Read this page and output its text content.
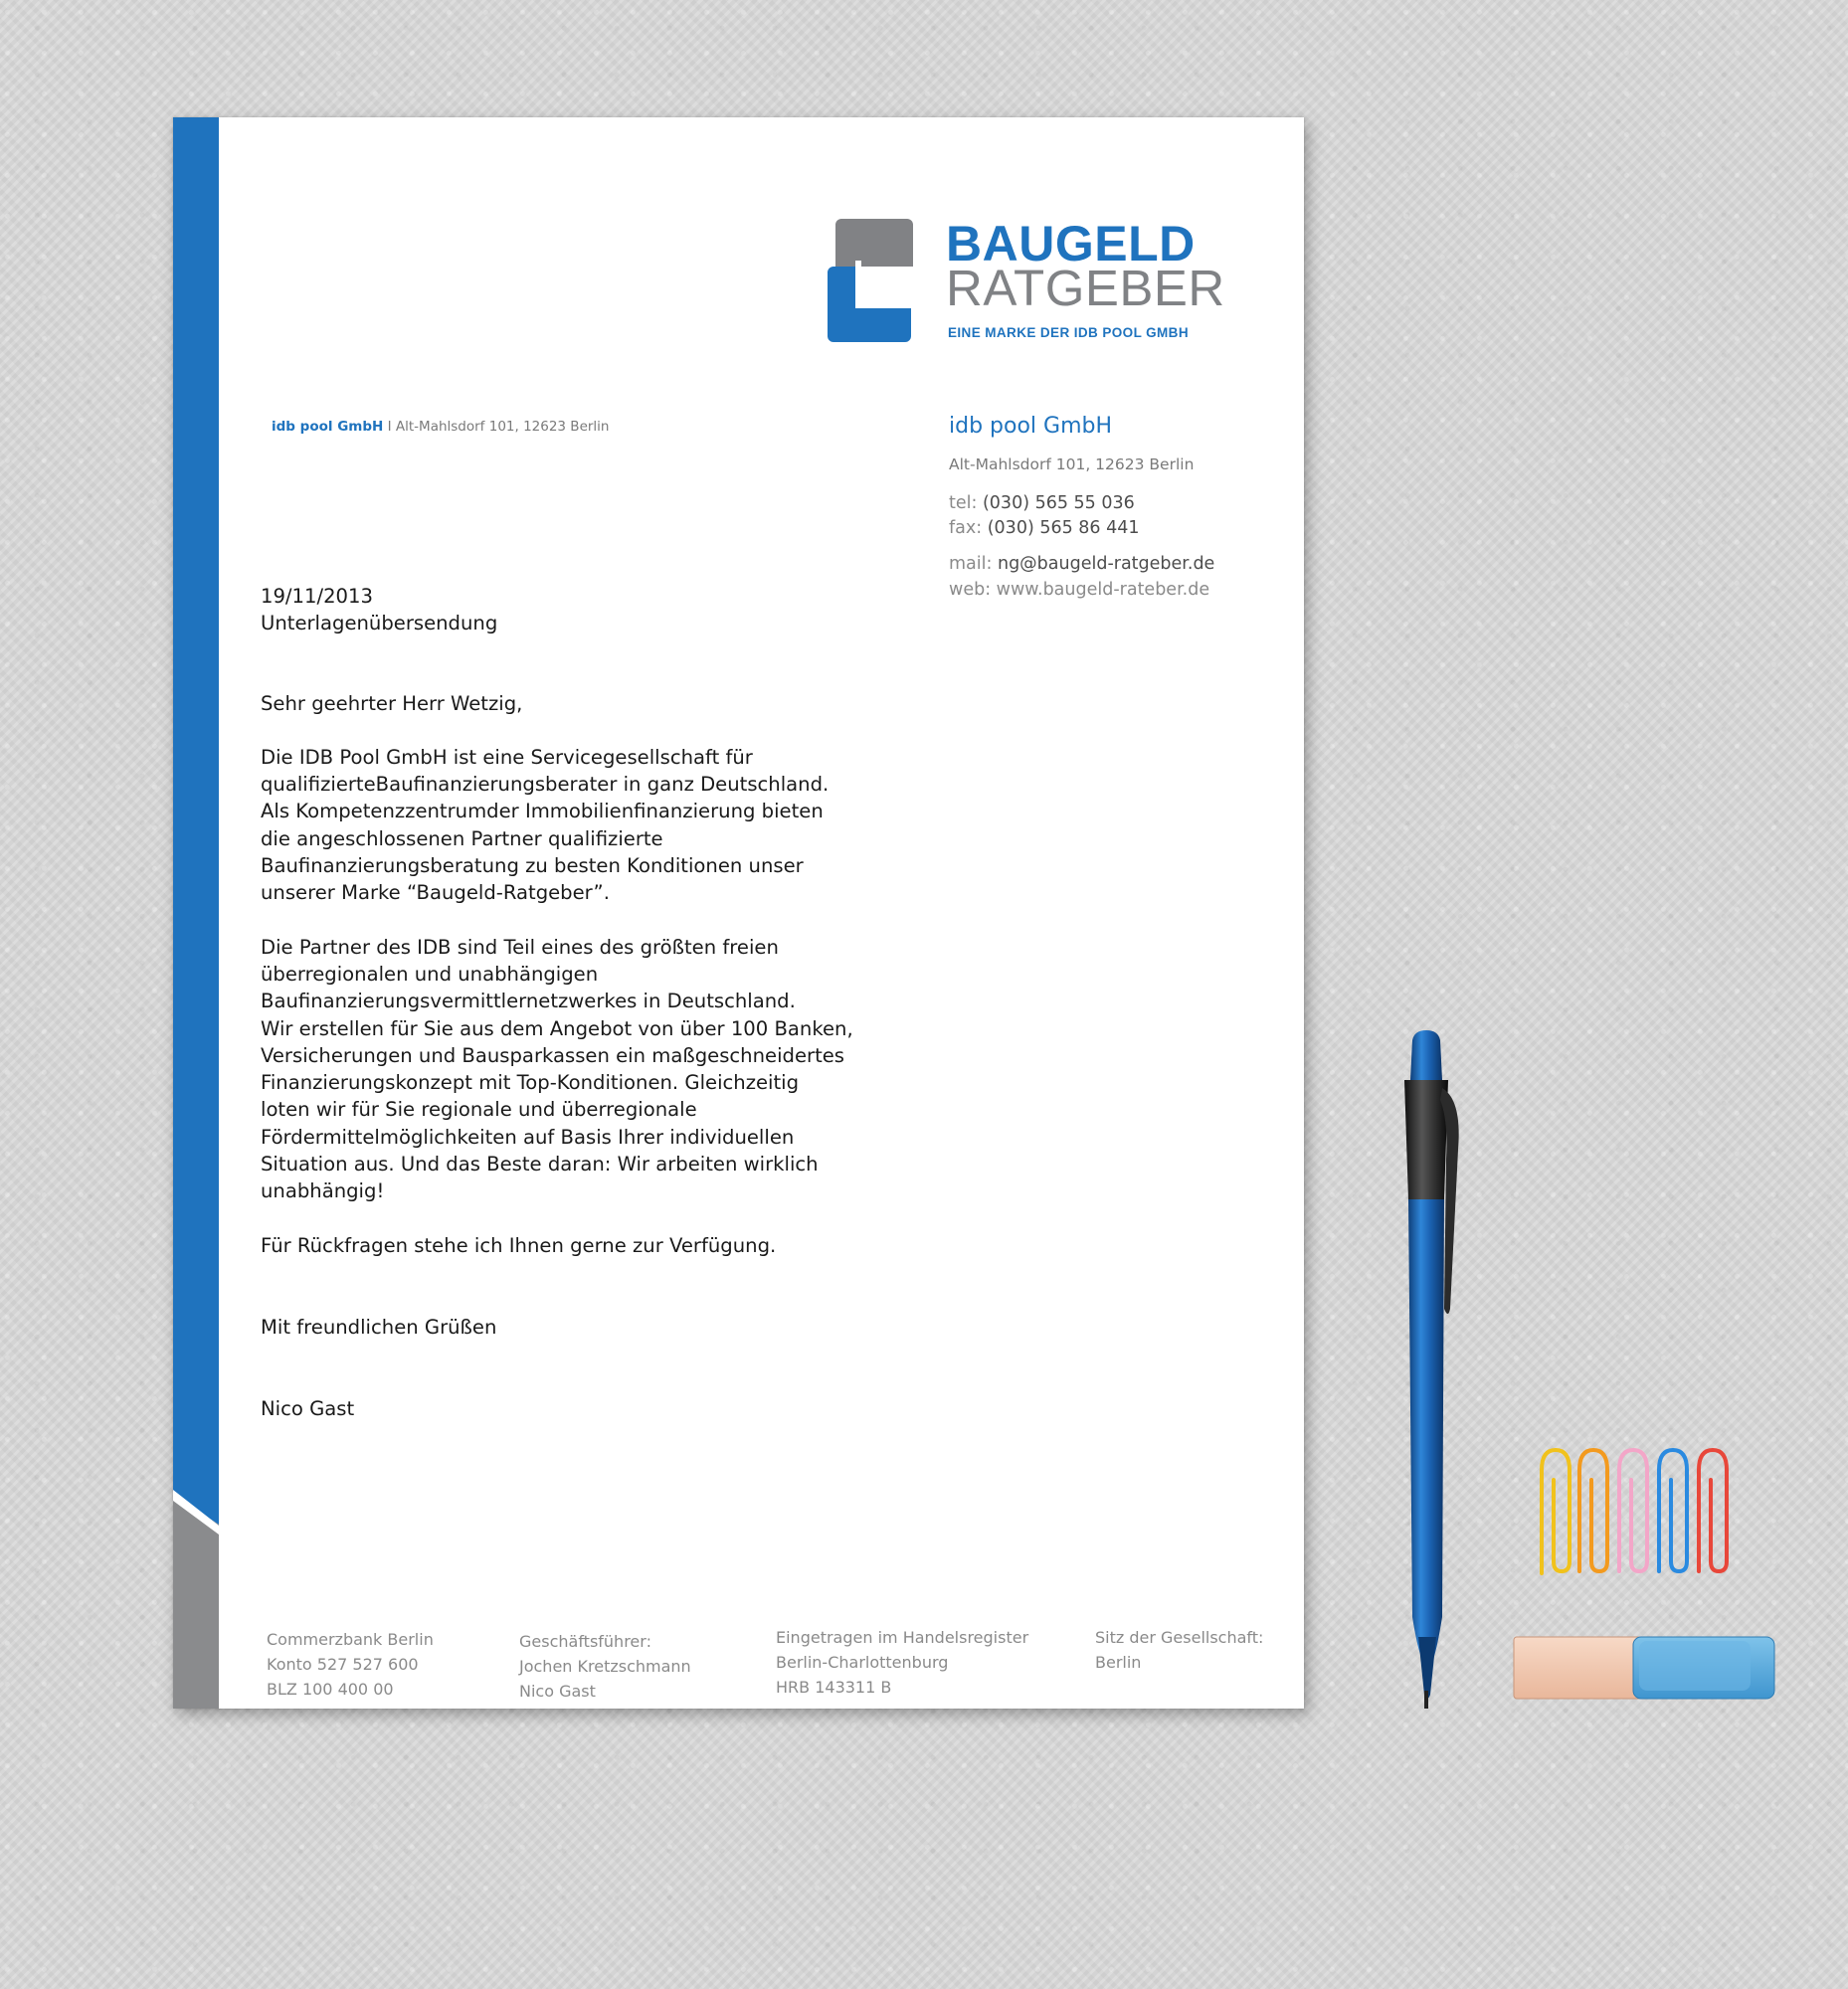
BAUGELD

RATGEBER

EINE MARKE DER IDB POOL GMBH

idb pool GmbH I Alt-Mahlsdorf 101, 12623 Berlin	idb pool GmbH

Alt-Mahlsdorf 101, 12623 Berlin

tel: (030) 565 55 036
fax: (030) 565 86 441
mail: ng@baugeld-ratgeber.de
web: www.baugeld-rateber.de

19/11/2013

Unterlagenübersendung

Sehr geehrter Herr Wetzig,

Die IDB Pool GmbH ist eine Servicegesellschaft für
qualifizierteBaufinanzierungsberater in ganz Deutschland.
Als Kompetenzzentrumder Immobilienfinanzierung bieten
die angeschlossenen Partner qualifizierte
Baufinanzierungsberatung zu besten Konditionen unser
unserer Marke “Baugeld-Ratgeber”.

Die Partner des IDB sind Teil eines des größten freien
überregionalen und unabhängigen
Baufinanzierungsvermittlernetzwerkes in Deutschland.
Wir erstellen für Sie aus dem Angebot von über 100 Banken,
Versicherungen und Bausparkassen ein maßgeschneidertes
Finanzierungskonzept mit Top-Konditionen. Gleichzeitig
loten wir für Sie regionale und überregionale
Fördermittelmöglichkeiten auf Basis Ihrer individuellen
Situation aus. Und das Beste daran: Wir arbeiten wirklich
unabhängig!

Für Rückfragen stehe ich Ihnen gerne zur Verfügung.

Mit freundlichen Grüßen

Nico Gast

Commerzbank Berlin
Konto 527 527 600
BLZ 100 400 00
Geschäftsführer:
Jochen Kretzschmann
Nico Gast
Eingetragen im Handelsregister
Berlin-Charlottenburg
HRB 143311 B
Sitz der Gesellschaft:
Berlin
